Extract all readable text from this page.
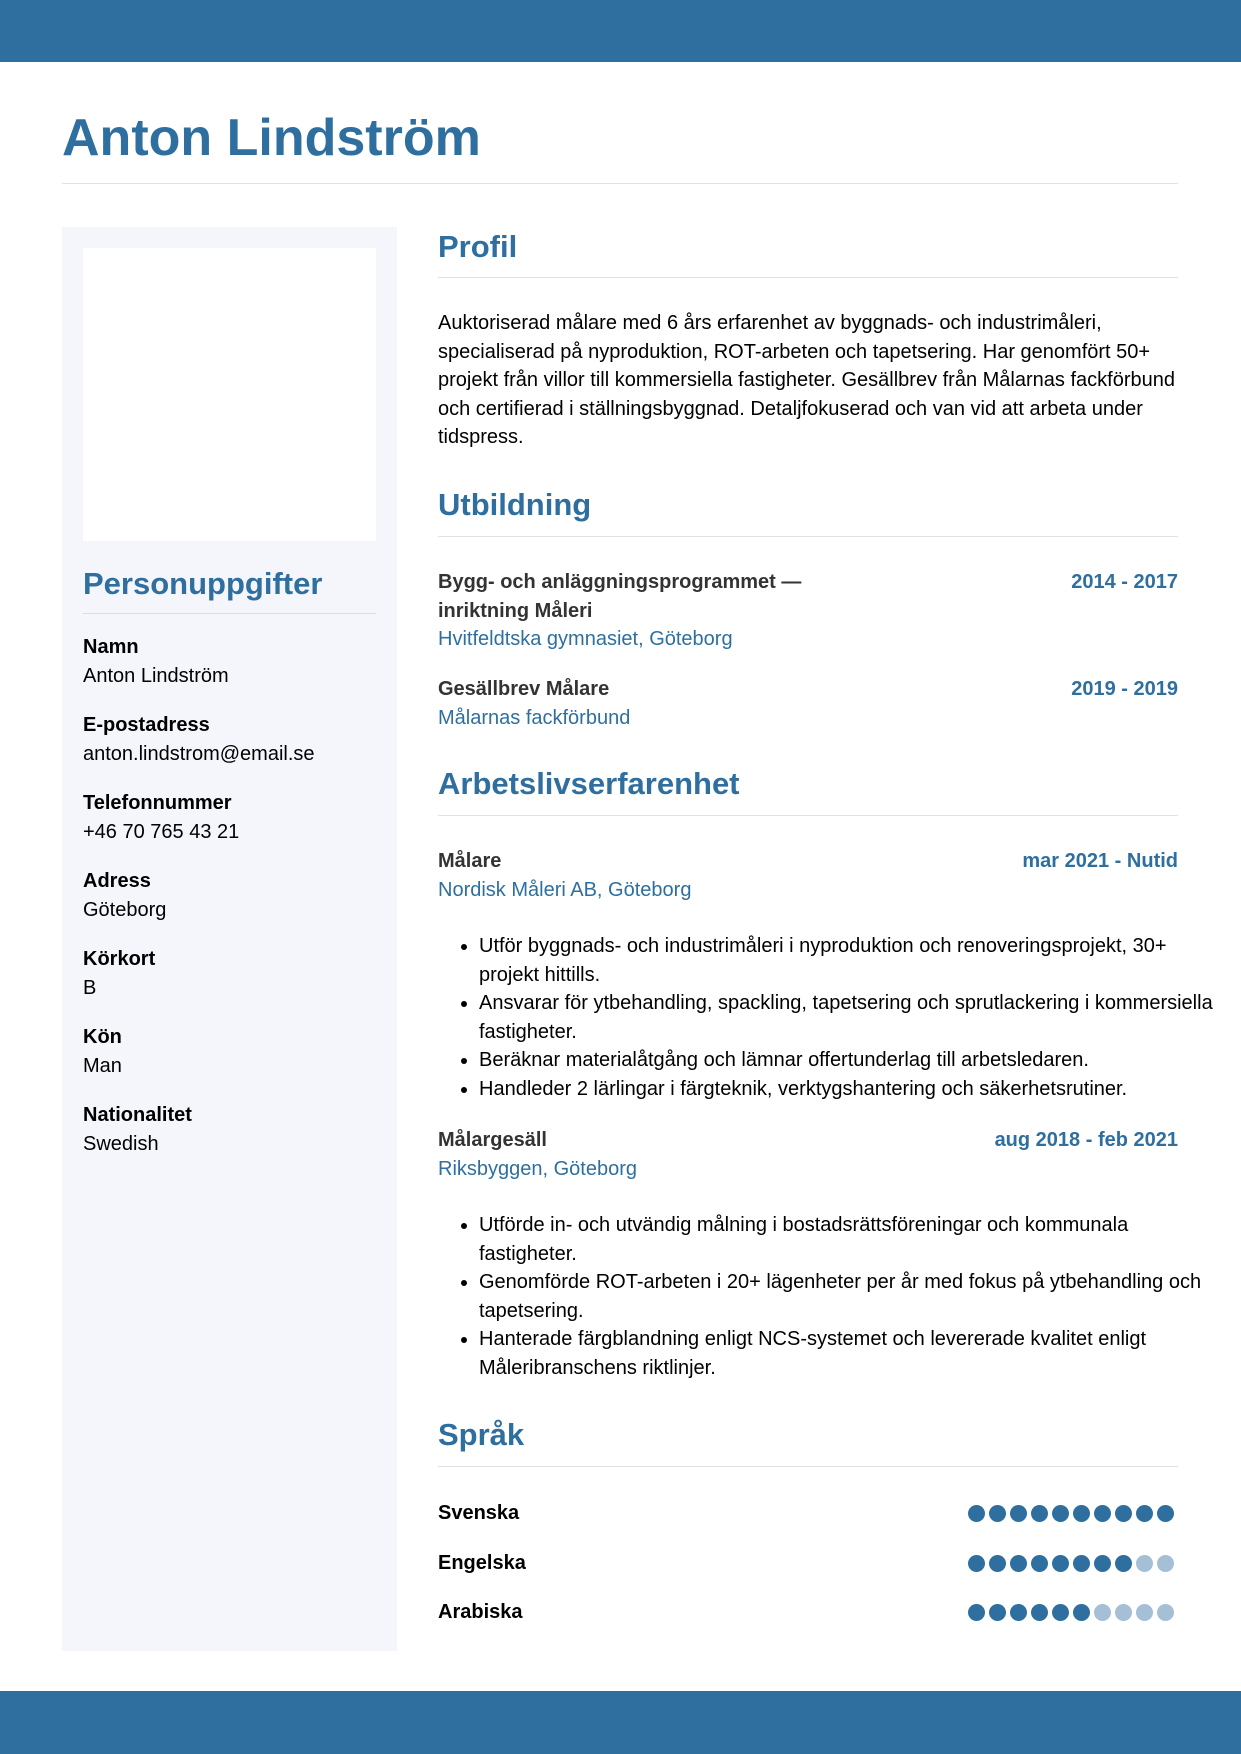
Anton Lindström
Personuppgifter
Namn
Anton Lindström
E-postadress
anton.lindstrom@email.se
Telefonnummer
+46 70 765 43 21
Adress
Göteborg
Körkort
B
Kön
Man
Nationalitet
Swedish
Profil

Auktoriserad målare med 6 års erfarenhet av byggnads- och industrimåleri, specialiserad på nyproduktion, ROT-arbeten och tapetsering. Har genomfört 50+ projekt från villor till kommersiella fastigheter. Gesällbrev från Målarnas fackförbund och certifierad i ställningsbyggnad. Detaljfokuserad och van vid att arbeta under tidspress.

Utbildning
Bygg- och anläggningsprogrammet — inriktning Måleri
2014 - 2017
Hvitfeldtska gymnasiet, Göteborg
Gesällbrev Målare	2019 - 2019
Målarnas fackförbund
Arbetslivserfarenhet
Målare	mar 2021 - Nutid
Nordisk Måleri AB, Göteborg
• Utför byggnads- och industrimåleri i nyproduktion och renoveringsprojekt, 30+ projekt hittills.
• Ansvarar för ytbehandling, spackling, tapetsering och sprutlackering i kommersiella fastigheter.
• Beräknar materialåtgång och lämnar offertunderlag till arbetsledaren.
• Handleder 2 lärlingar i färgteknik, verktygshantering och säkerhetsrutiner.
Målargesäll	aug 2018 - feb 2021
Riksbyggen, Göteborg
• Utförde in- och utvändig målning i bostadsrättsföreningar och kommunala fastigheter.
• Genomförde ROT-arbeten i 20+ lägenheter per år med fokus på ytbehandling och tapetsering.
• Hanterade färgblandning enligt NCS-systemet och levererade kvalitet enligt Måleribranschens riktlinjer.
Språk
Svenska
Engelska
Arabiska
